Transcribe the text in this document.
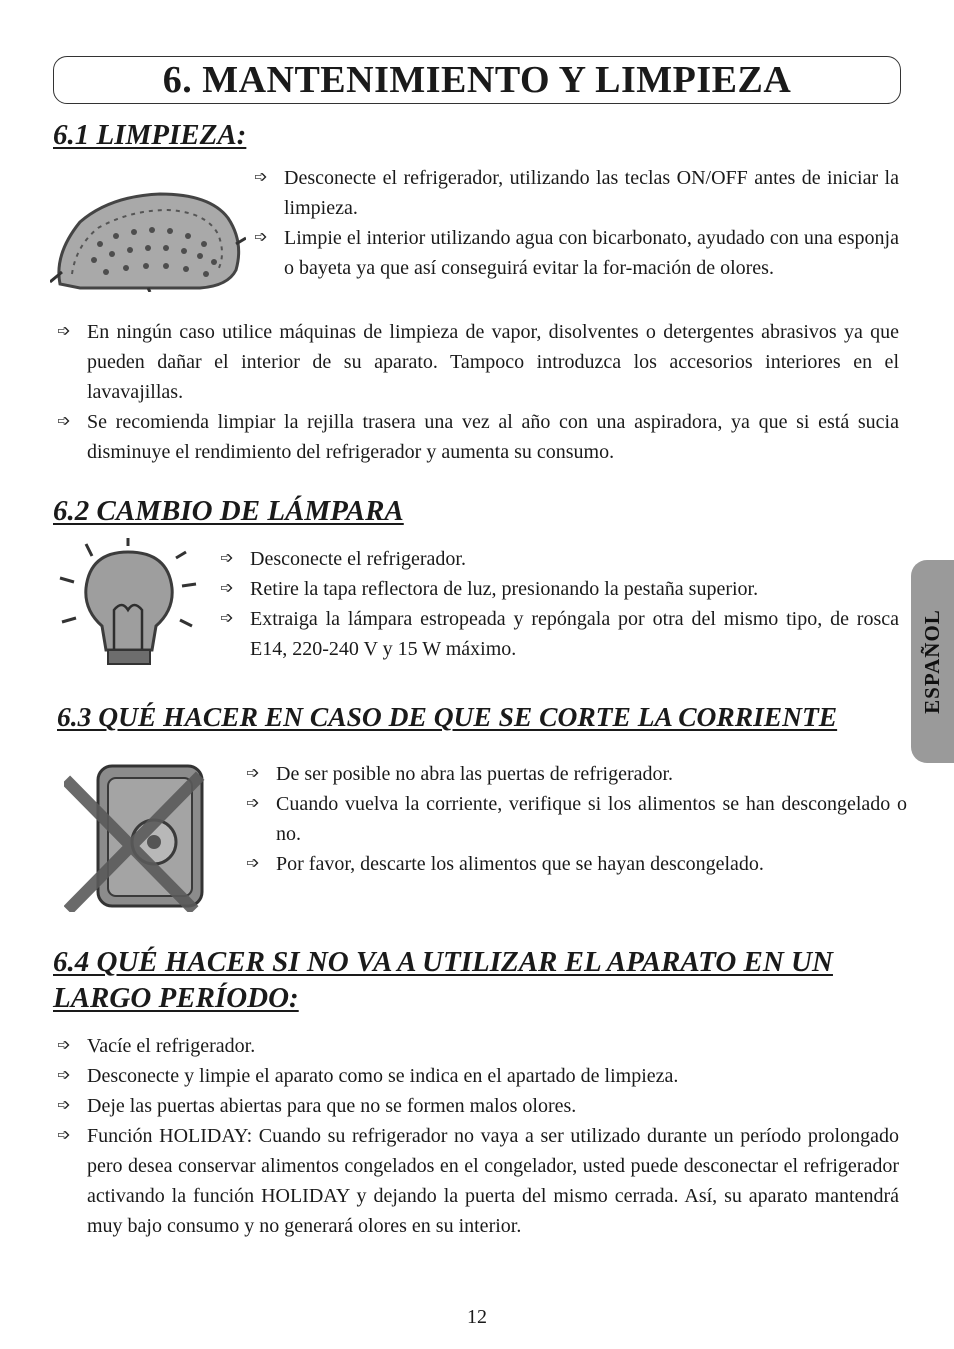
6. MANTENIMIENTO Y LIMPIEZA
6.1 LIMPIEZA:
➩ Desconecte el refrigerador, utilizando las teclas ON/OFF antes de iniciar la limpieza.
➩ Limpie el interior utilizando agua con bicarbonato, ayudado con una esponja o bayeta ya que así conseguirá evitar la for-mación de olores.
➩ En ningún caso utilice máquinas de limpieza de vapor, disolventes o detergentes abrasivos ya que pueden dañar el interior de su aparato. Tampoco introduzca los accesorios interiores en el lavavajillas.
➩ Se recomienda limpiar la rejilla trasera una vez al año con una aspiradora, ya que si está sucia disminuye el rendimiento del refrigerador y aumenta su consumo.
6.2 CAMBIO DE LÁMPARA
➩ Desconecte el refrigerador.
➩ Retire la tapa reflectora de luz, presionando la pestaña superior.
➩ Extraiga la lámpara estropeada y repóngala por otra del mismo tipo, de rosca E14, 220-240 V y 15 W máximo.
6.3 QUÉ HACER EN CASO DE QUE SE CORTE LA CORRIENTE
➩ De ser posible no abra las puertas de refrigerador.
➩ Cuando vuelva la corriente, verifique si los alimentos se han descongelado o no.
➩ Por favor, descarte los alimentos que se hayan descongelado.
6.4 QUÉ HACER SI NO VA A UTILIZAR EL APARATO EN UN LARGO PERÍODO:
➩ Vacíe el refrigerador.
➩ Desconecte y limpie el aparato como se indica en el apartado de limpieza.
➩ Deje las puertas abiertas para que no se formen malos olores.
➩ Función HOLIDAY: Cuando su refrigerador no vaya a ser utilizado durante un período prolongado pero desea conservar alimentos congelados en el congelador, usted puede desconectar el refrigerador activando la función HOLIDAY y dejando la puerta del mismo cerrada. Así, su aparato mantendrá muy bajo consumo y no generará olores en su interior.
ESPAÑOL
12
